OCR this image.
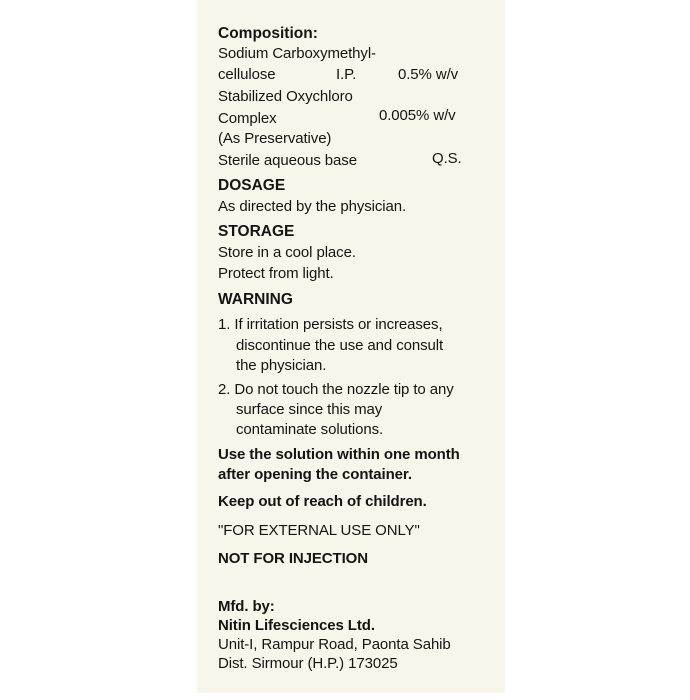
Composition:
Sodium Carboxymethyl-
cellulose	I.P.	0.5% w/v
Stabilized Oxychloro
Complex	0.005% w/v
(As Preservative)
Sterile aqueous base	Q.S.
DOSAGE
As directed by the physician.
STORAGE
Store in a cool place.
Protect from light.
WARNING
1. If irritation persists or increases,
discontinue the use and consult
the physician.
2. Do not touch the nozzle tip to any
surface since this may
contaminate solutions.
Use the solution within one month
after opening the container.
Keep out of reach of children.
"FOR EXTERNAL USE ONLY"
NOT FOR INJECTION
Mfd. by:
Nitin Lifesciences Ltd.
Unit-I, Rampur Road, Paonta Sahib
Dist. Sirmour (H.P.) 173025
